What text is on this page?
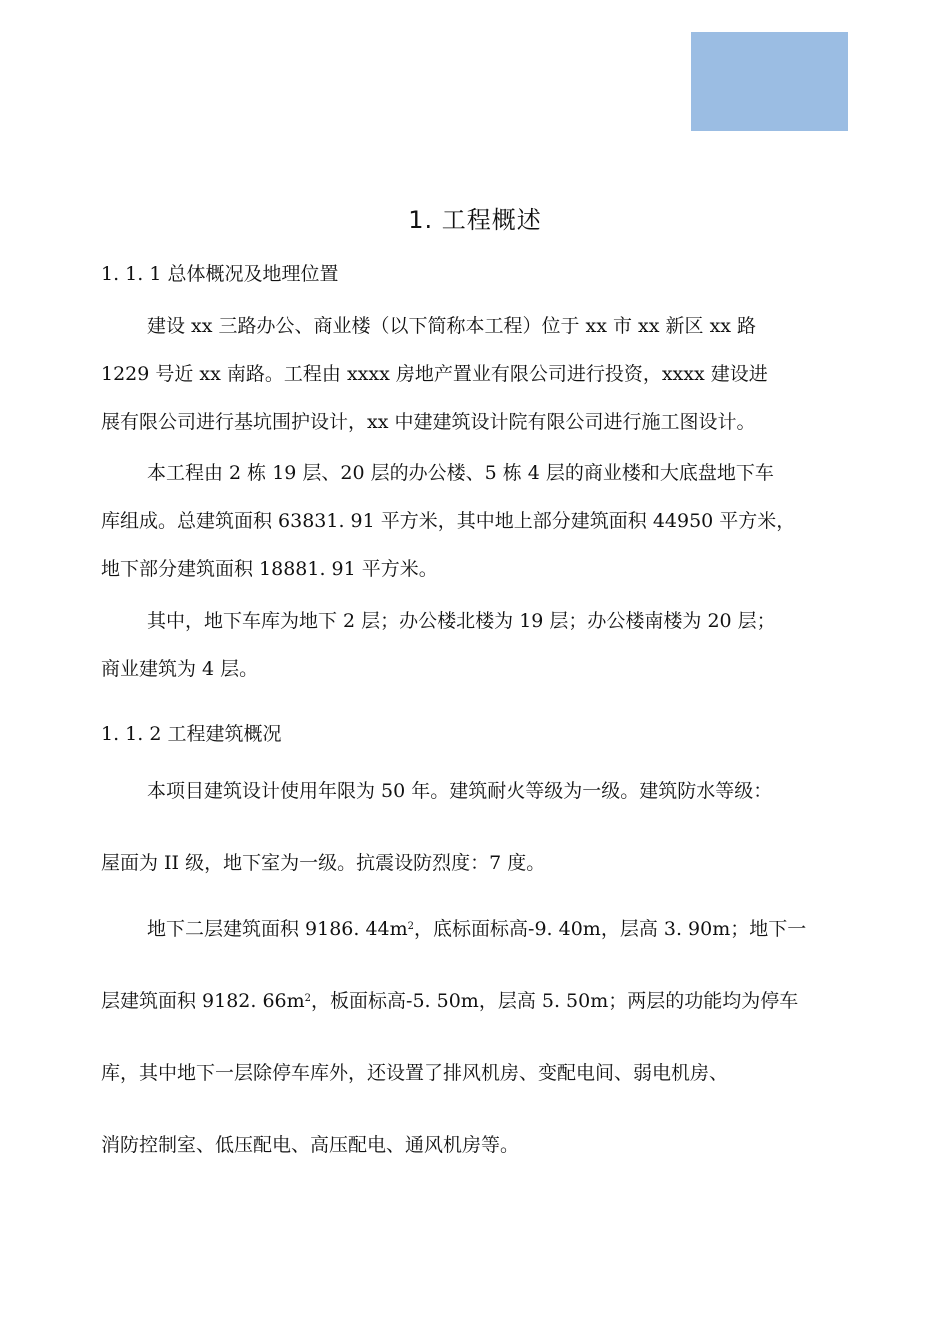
1. 工程概述
1. 1. 1 总体概况及地理位置
建设 xx 三路办公、商业楼（以下简称本工程）位于 xx 市 xx 新区 xx 路
1229 号近 xx 南路。工程由 xxxx 房地产置业有限公司进行投资，xxxx 建设进
展有限公司进行基坑围护设计，xx 中建建筑设计院有限公司进行施工图设计。
本工程由 2 栋 19 层、20 层的办公楼、5 栋 4 层的商业楼和大底盘地下车
库组成。总建筑面积 63831. 91 平方米，其中地上部分建筑面积 44950 平方米，
地下部分建筑面积 18881. 91 平方米。
其中，地下车库为地下 2 层；办公楼北楼为 19 层；办公楼南楼为 20 层；
商业建筑为 4 层。
1. 1. 2 工程建筑概况
本项目建筑设计使用年限为 50 年。建筑耐火等级为一级。建筑防水等级：
屋面为 II 级，地下室为一级。抗震设防烈度：7 度。
地下二层建筑面积 9186. $44m^2$，底标面标高-9. 40m，层高 3. 90m；地下一
层建筑面积 9182. $66m^2$，板面标高-5. 50m，层高 5. 50m；两层的功能均为停车
库，其中地下一层除停车库外，还设置了排风机房、变配电间、弱电机房、
消防控制室、低压配电、高压配电、通风机房等。
